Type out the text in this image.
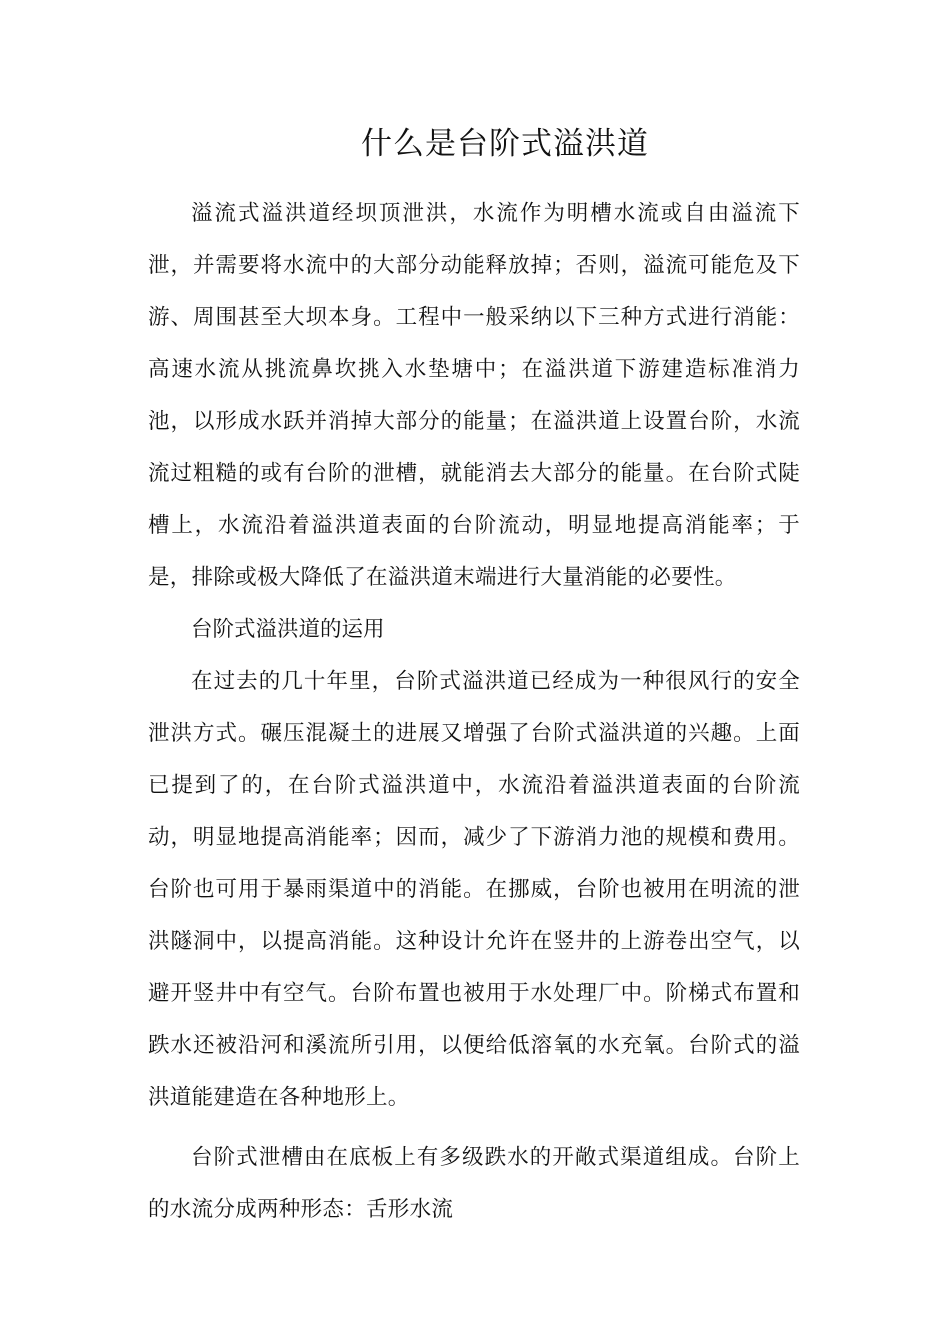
什么是台阶式溢洪道

溢流式溢洪道经坝顶泄洪，水流作为明槽水流或自由溢流下泄，并需要将水流中的大部分动能释放掉；否则，溢流可能危及下游、周围甚至大坝本身。工程中一般采纳以下三种方式进行消能：高速水流从挑流鼻坎挑入水垫塘中；在溢洪道下游建造标准消力池，以形成水跃并消掉大部分的能量；在溢洪道上设置台阶，水流流过粗糙的或有台阶的泄槽，就能消去大部分的能量。在台阶式陡槽上，水流沿着溢洪道表面的台阶流动，明显地提高消能率；于是，排除或极大降低了在溢洪道末端进行大量消能的必要性。

台阶式溢洪道的运用

在过去的几十年里，台阶式溢洪道已经成为一种很风行的安全泄洪方式。碾压混凝土的进展又增强了台阶式溢洪道的兴趣。上面已提到了的，在台阶式溢洪道中，水流沿着溢洪道表面的台阶流动，明显地提高消能率；因而，减少了下游消力池的规模和费用。台阶也可用于暴雨渠道中的消能。在挪威，台阶也被用在明流的泄洪隧洞中，以提高消能。这种设计允许在竖井的上游卷出空气，以避开竖井中有空气。台阶布置也被用于水处理厂中。阶梯式布置和跌水还被沿河和溪流所引用，以便给低溶氧的水充氧。台阶式的溢洪道能建造在各种地形上。

台阶式泄槽由在底板上有多级跌水的开敞式渠道组成。台阶上的水流分成两种形态：舌形水流
